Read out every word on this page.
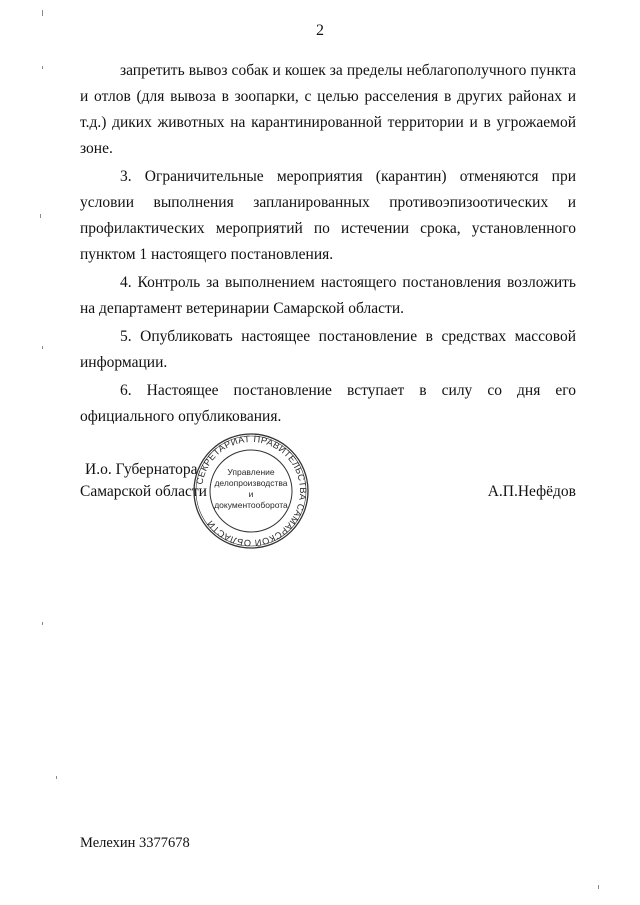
2

запретить вывоз собак и кошек за пределы неблагополучного пункта и отлов (для вывоза в зоопарки, с целью расселения в других районах и т.д.) диких животных на карантинированной территории и в угрожаемой зоне.

3. Ограничительные мероприятия (карантин) отменяются при условии выполнения запланированных противоэпизоотических и профилактических мероприятий по истечении срока, установленного пунктом 1 настоящего постановления.

4. Контроль за выполнением настоящего постановления возложить на департамент ветеринарии Самарской области.

5. Опубликовать настоящее постановление в средствах массовой информации.

6. Настоящее постановление вступает в силу со дня его официального опубликования.

И.о. Губернатора
Самарской области
СЕКРЕТАРИАТ ПРАВИТЕЛЬСТВА САМАРСКОЙ ОБЛАСТИ
Управление
делопроизводства
и документооборота
А.П.Нефёдов
Мелехин 3377678
